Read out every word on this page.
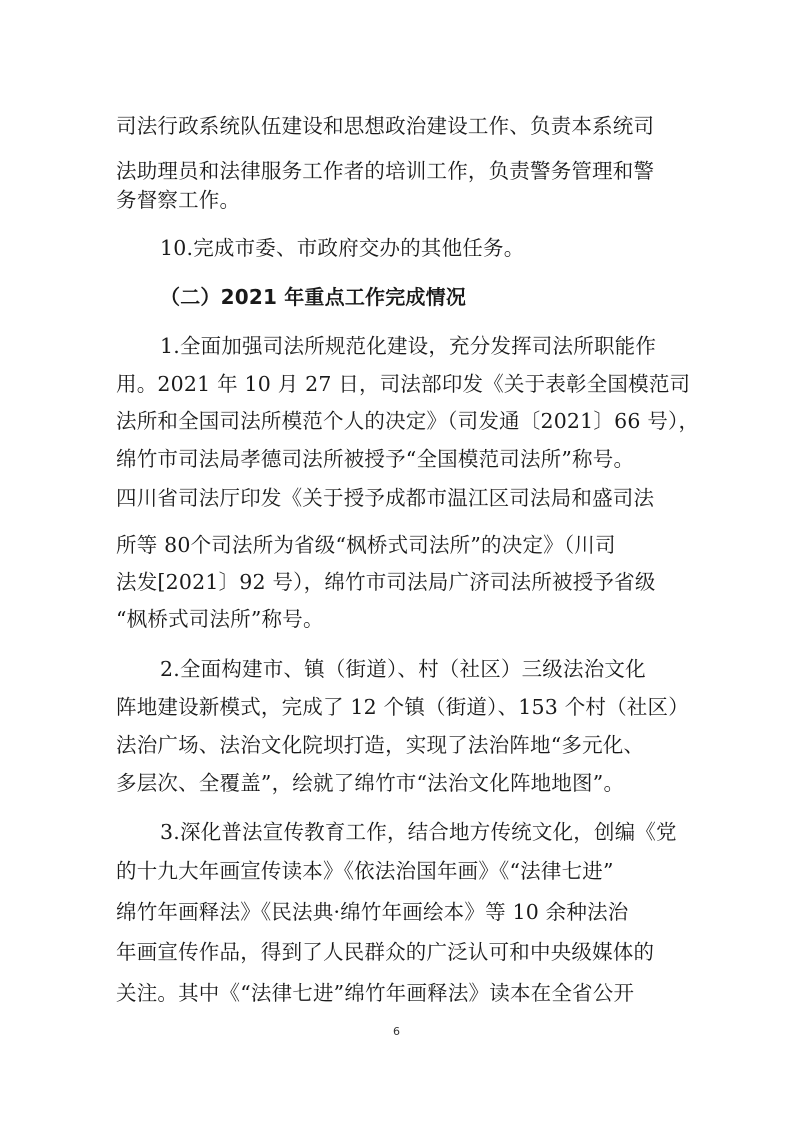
司法行政系统队伍建设和思想政治建设工作、负责本系统司
法助理员和法律服务工作者的培训工作，负责警务管理和警
务督察工作。
10.完成市委、市政府交办的其他任务。
（二）2021 年重点工作完成情况
1.全面加强司法所规范化建设，充分发挥司法所职能作
用。2021 年 10 月 27 日，司法部印发《关于表彰全国模范司
法所和全国司法所模范个人的决定》（司发通〔2021〕66 号），
绵竹市司法局孝德司法所被授予“全国模范司法所”称号。
四川省司法厅印发《关于授予成都市温江区司法局和盛司法
所等 80个司法所为省级“枫桥式司法所”的决定》（川司
法发[2021〕92 号），绵竹市司法局广济司法所被授予省级
“枫桥式司法所”称号。
2.全面构建市、镇（街道）、村（社区）三级法治文化
阵地建设新模式，完成了 12 个镇（街道）、153 个村（社区）
法治广场、法治文化院坝打造，实现了法治阵地“多元化、
多层次、全覆盖”，绘就了绵竹市“法治文化阵地地图”。
3.深化普法宣传教育工作，结合地方传统文化，创编《党
的十九大年画宣传读本》《依法治国年画》《“法律七进”
绵竹年画释法》《民法典·绵竹年画绘本》等 10 余种法治
年画宣传作品，得到了人民群众的广泛认可和中央级媒体的
关注。其中《“法律七进”绵竹年画释法》读本在全省公开
6
